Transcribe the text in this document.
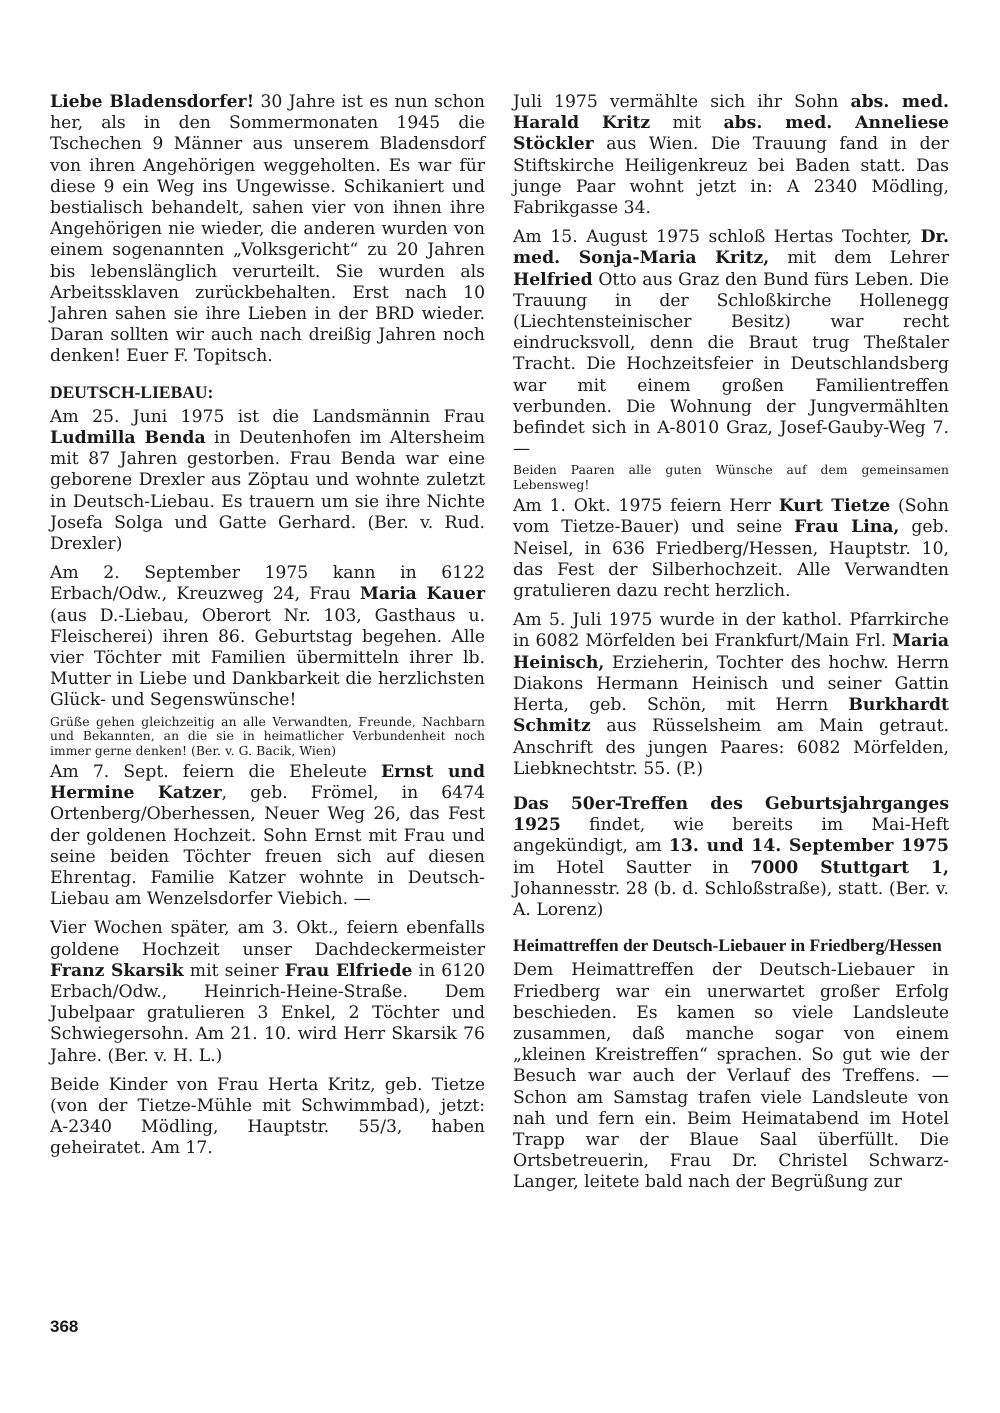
Liebe Bladensdorfer! 30 Jahre ist es nun schon her, als in den Sommermonaten 1945 die Tschechen 9 Männer aus unserem Bladensdorf von ihren Angehörigen weggeholten. Es war für diese 9 ein Weg ins Ungewisse. Schikaniert und bestialisch behandelt, sahen vier von ihnen ihre Angehörigen nie wieder, die anderen wurden von einem sogenannten „Volksgericht“ zu 20 Jahren bis lebenslänglich verurteilt. Sie wurden als Arbeitssklaven zurückbehalten. Erst nach 10 Jahren sahen sie ihre Lieben in der BRD wieder. Daran sollten wir auch nach dreißig Jahren noch denken! Euer F. Topitsch.

DEUTSCH-LIEBAU:

Am 25. Juni 1975 ist die Landsmännin Frau Ludmilla Benda in Deutenhofen im Altersheim mit 87 Jahren gestorben. Frau Benda war eine geborene Drexler aus Zöptau und wohnte zuletzt in Deutsch-Liebau. Es trauern um sie ihre Nichte Josefa Solga und Gatte Gerhard. (Ber. v. Rud. Drexler)

Am 2. September 1975 kann in 6122 Erbach/Odw., Kreuzweg 24, Frau Maria Kauer (aus D.-Liebau, Oberort Nr. 103, Gasthaus u. Fleischerei) ihren 86. Geburtstag begehen. Alle vier Töchter mit Familien übermitteln ihrer lb. Mutter in Liebe und Dankbarkeit die herzlichsten Glück- und Segenswünsche!

Grüße gehen gleichzeitig an alle Verwandten, Freunde, Nachbarn und Bekannten, an die sie in heimatlicher Verbundenheit noch immer gerne denken! (Ber. v. G. Bacik, Wien)

Am 7. Sept. feiern die Eheleute Ernst und Hermine Katzer, geb. Frömel, in 6474 Ortenberg/Oberhessen, Neuer Weg 26, das Fest der goldenen Hochzeit. Sohn Ernst mit Frau und seine beiden Töchter freuen sich auf diesen Ehrentag. Familie Katzer wohnte in Deutsch-Liebau am Wenzelsdorfer Viebich. —

Vier Wochen später, am 3. Okt., feiern ebenfalls goldene Hochzeit unser Dachdeckermeister Franz Skarsik mit seiner Frau Elfriede in 6120 Erbach/Odw., Heinrich-Heine-Straße. Dem Jubelpaar gratulieren 3 Enkel, 2 Töchter und Schwiegersohn. Am 21. 10. wird Herr Skarsik 76 Jahre. (Ber. v. H. L.)

Beide Kinder von Frau Herta Kritz, geb. Tietze (von der Tietze-Mühle mit Schwimmbad), jetzt: A-2340 Mödling, Hauptstr. 55/3, haben geheiratet. Am 17.

Juli 1975 vermählte sich ihr Sohn abs. med. Harald Kritz mit abs. med. Anneliese Stöckler aus Wien. Die Trauung fand in der Stiftskirche Heiligenkreuz bei Baden statt. Das junge Paar wohnt jetzt in: A 2340 Mödling, Fabrikgasse 34.

Am 15. August 1975 schloß Hertas Tochter, Dr. med. Sonja-Maria Kritz, mit dem Lehrer Helfried Otto aus Graz den Bund fürs Leben. Die Trauung in der Schloßkirche Hollenegg (Liechtensteinischer Besitz) war recht eindrucksvoll, denn die Braut trug Theßtaler Tracht. Die Hochzeitsfeier in Deutschlandsberg war mit einem großen Familientreffen verbunden. Die Wohnung der Jungvermählten befindet sich in A-8010 Graz, Josef-Gauby-Weg 7. —

Beiden Paaren alle guten Wünsche auf dem gemeinsamen Lebensweg!

Am 1. Okt. 1975 feiern Herr Kurt Tietze (Sohn vom Tietze-Bauer) und seine Frau Lina, geb. Neisel, in 636 Friedberg/Hessen, Hauptstr. 10, das Fest der Silberhochzeit. Alle Verwandten gratulieren dazu recht herzlich.

Am 5. Juli 1975 wurde in der kathol. Pfarrkirche in 6082 Mörfelden bei Frankfurt/Main Frl. Maria Heinisch, Erzieherin, Tochter des hochw. Herrn Diakons Hermann Heinisch und seiner Gattin Herta, geb. Schön, mit Herrn Burkhardt Schmitz aus Rüsselsheim am Main getraut. Anschrift des jungen Paares: 6082 Mörfelden, Liebknechtstr. 55. (P.)

Das 50er-Treffen des Geburtsjahrganges 1925 findet, wie bereits im Mai-Heft angekündigt, am 13. und 14. September 1975 im Hotel Sautter in 7000 Stuttgart 1, Johannesstr. 28 (b. d. Schloßstraße), statt. (Ber. v. A. Lorenz)

Heimattreffen der Deutsch-Liebauer in Friedberg/Hessen

Dem Heimattreffen der Deutsch-Liebauer in Friedberg war ein unerwartet großer Erfolg beschieden. Es kamen so viele Landsleute zusammen, daß manche sogar von einem „kleinen Kreistreffen“ sprachen. So gut wie der Besuch war auch der Verlauf des Treffens. — Schon am Samstag trafen viele Landsleute von nah und fern ein. Beim Heimatabend im Hotel Trapp war der Blaue Saal überfüllt. Die Ortsbetreuerin, Frau Dr. Christel Schwarz-Langer, leitete bald nach der Begrüßung zur

368
